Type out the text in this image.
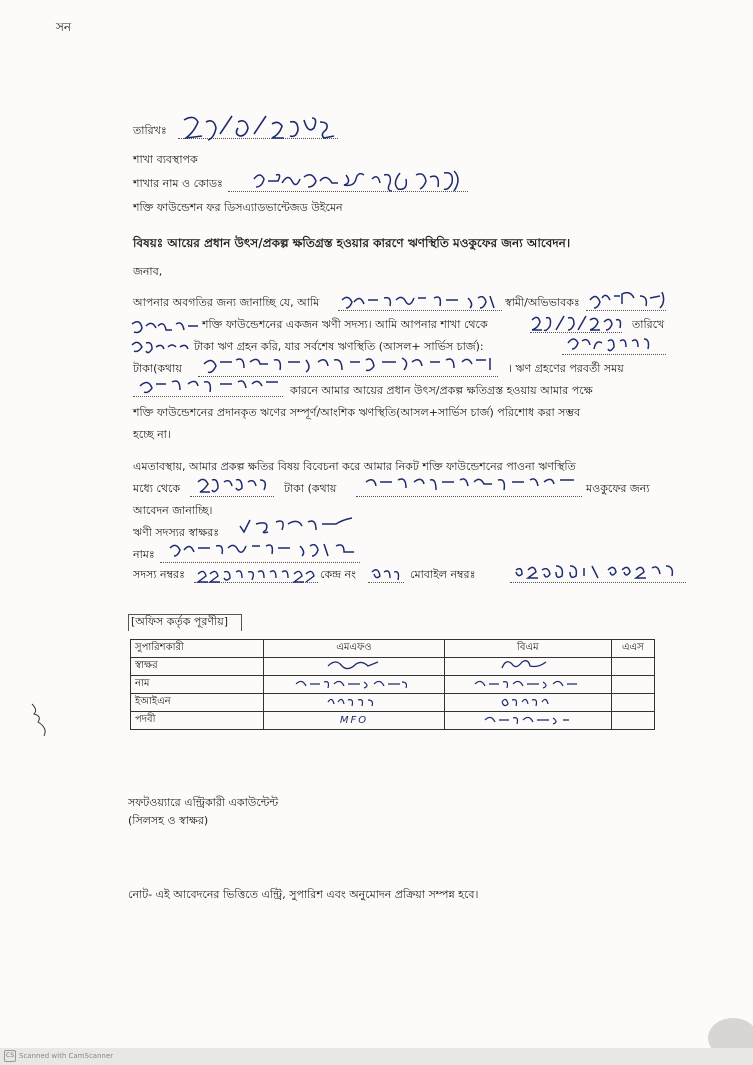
সন
তারিখঃ
শাখা ব্যবস্থাপক
শাখার নাম ও কোডঃ
শক্তি ফাউন্ডেশন ফর ডিসএ্যাডভান্টেজড উইমেন
বিষয়ঃ আয়ের প্রধান উৎস/প্রকল্প ক্ষতিগ্রস্ত হওয়ার কারণে ঋণস্থিতি মওকুফের জন্য আবেদন।
জনাব,
আপনার অবগতির জন্য জানাচ্ছি যে, আমি	স্বামী/অভিভাবকঃ
শক্তি ফাউন্ডেশনের একজন ঋণী সদস্য। আমি আপনার শাখা থেকে	তারিখে
টাকা ঋণ গ্রহন করি, যার সর্বশেষ ঋণস্থিতি (আসল+ সার্ভিস চার্জ):
টাকা(কথায়	। ঋণ গ্রহণের পরবর্তী সময়
কারনে আমার আয়ের প্রধান উৎস/প্রকল্প ক্ষতিগ্রস্ত হওয়ায় আমার পক্ষে
শক্তি ফাউন্ডেশনের প্রদানকৃত ঋণের সম্পূর্ণ/আংশিক ঋণস্থিতি(আসল+সার্ভিস চার্জ) পরিশোধ করা সম্ভব
হচ্ছে না।
এমতাবস্থায়, আমার প্রকল্প ক্ষতির বিষয় বিবেচনা করে আমার নিকট শক্তি ফাউন্ডেশনের পাওনা ঋণস্থিতি
মধ্যে থেকে	টাকা (কথায়	মওকুফের জন্য
আবেদন জানাচ্ছি।
ঋণী সদস্যর স্বাক্ষরঃ
নামঃ
সদস্য নম্বরঃ	কেন্দ্র নং	মোবাইল নম্বরঃ
[অফিস কর্তৃক পূরণীয়]
সুপারিশকারী	এমএফও	বিএম	এএস
স্বাক্ষর			
নাম			
ইআইএন			
পদবী	MFO		
সফটওয়্যারে এন্ট্রিকারী একাউন্টেন্ট
(সিলসহ ও স্বাক্ষর)
নোট- এই আবেদনের ভিত্তিতে এন্ট্রি, সুপারিশ এবং অনুমোদন প্রক্রিয়া সম্পন্ন হবে।
CS Scanned with CamScanner
